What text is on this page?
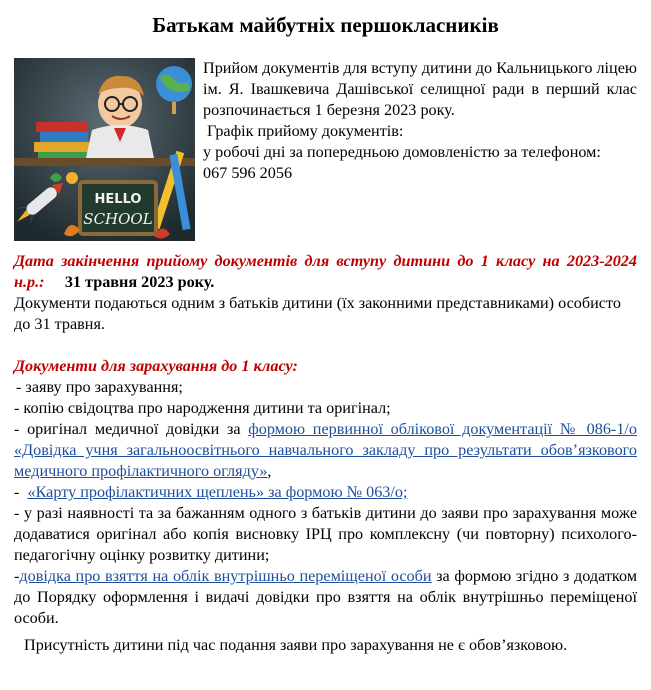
Батькам майбутніх першокласників
HELLO
SCHOOL

Прийом документів для вступу дитини до Кальницького ліцею ім. Я. Івашкевича Дашівської селищної ради в перший клас розпочинається 1 березня 2023 року.

Графік прийому документів:

у робочі дні за попередньою домовленістю за телефоном:

067 596 2056

Дата закінчення прийому документів для вступу дитини до 1 класу на 2023-2024 н.р.: 31 травня 2023 року.

Документи подаються одним з батьків дитини (їх законними представниками) особисто до 31 травня.

Документи для зарахування до 1 класу:

- заяву про зарахування;

- копію свідоцтва про народження дитини та оригінал;

- оригінал медичної довідки за формою первинної облікової документації № 086-1/о «Довідка учня загальноосвітнього навчального закладу про результати обов’язкового медичного профілактичного огляду»,

- «Карту профілактичних щеплень» за формою № 063/о;

- у разі наявності та за бажанням одного з батьків дитини до заяви про зарахування може додаватися оригінал або копія висновку ІРЦ про комплексну (чи повторну) психолого-педагогічну оцінку розвитку дитини;

-довідка про взяття на облік внутрішньо переміщеної особи за формою згідно з додатком до Порядку оформлення і видачі довідки про взяття на облік внутрішньо переміщеної особи.

Присутність дитини під час подання заяви про зарахування не є обов’язковою.
